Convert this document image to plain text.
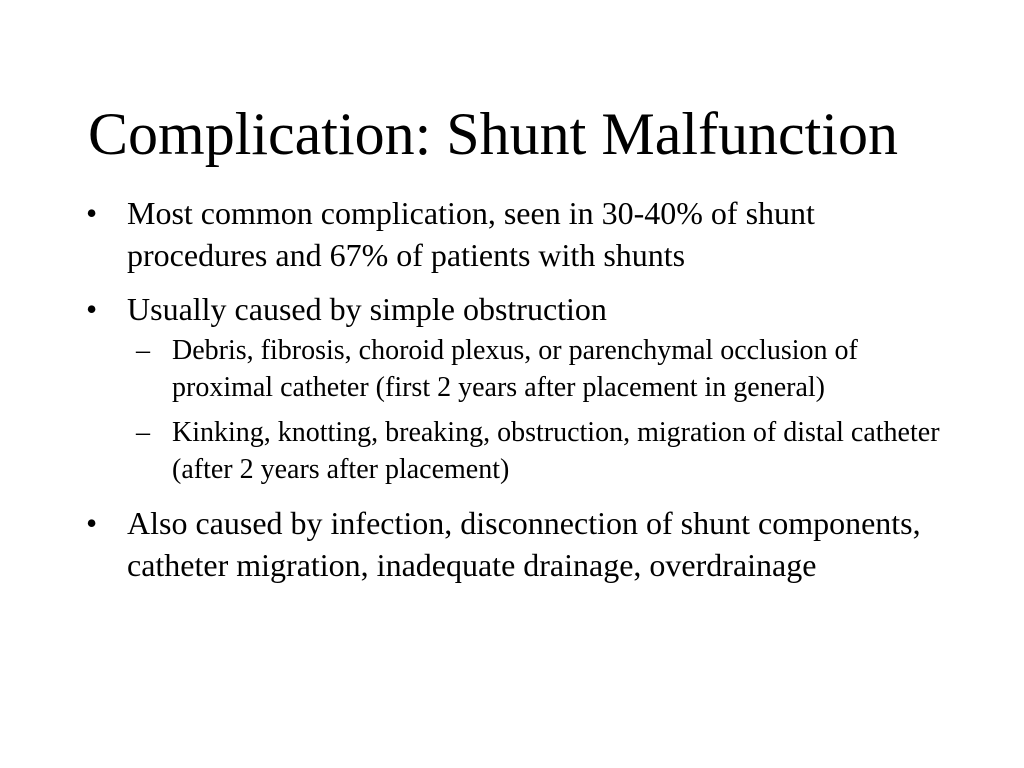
Complication: Shunt Malfunction
• Most common complication, seen in 30-40% of shunt procedures and 67% of patients with shunts
• Usually caused by simple obstruction
– Debris, fibrosis, choroid plexus, or parenchymal occlusion of proximal catheter (first 2 years after placement in general)
– Kinking, knotting, breaking, obstruction, migration of distal catheter (after 2 years after placement)
• Also caused by infection, disconnection of shunt components, catheter migration, inadequate drainage, overdrainage
